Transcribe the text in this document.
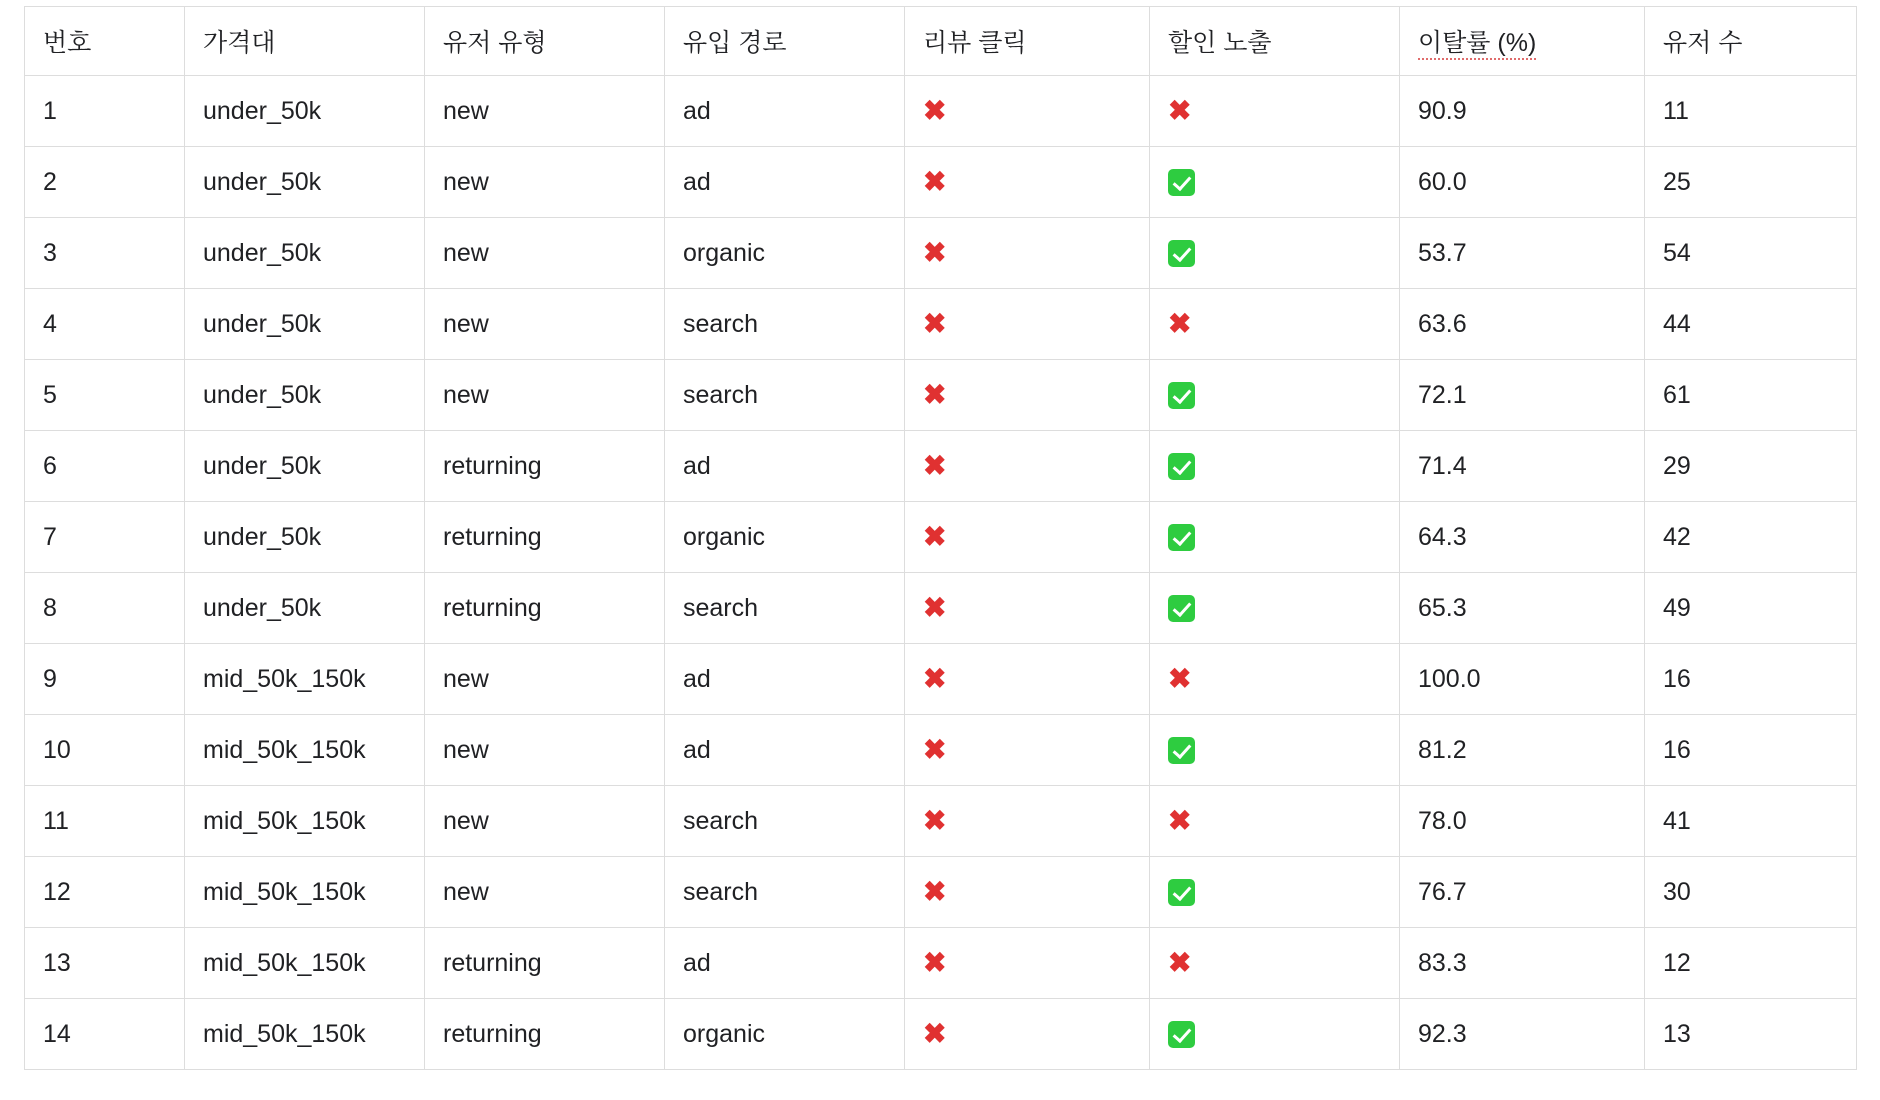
번호	가격대	유저 유형	유입 경로	리뷰 클릭	할인 노출	이탈률 (%)	유저 수
1	under_50k	new	ad	✖	✖	90.9	11
2	under_50k	new	ad	✖		60.0	25
3	under_50k	new	organic	✖		53.7	54
4	under_50k	new	search	✖	✖	63.6	44
5	under_50k	new	search	✖		72.1	61
6	under_50k	returning	ad	✖		71.4	29
7	under_50k	returning	organic	✖		64.3	42
8	under_50k	returning	search	✖		65.3	49
9	mid_50k_150k	new	ad	✖	✖	100.0	16
10	mid_50k_150k	new	ad	✖		81.2	16
11	mid_50k_150k	new	search	✖	✖	78.0	41
12	mid_50k_150k	new	search	✖		76.7	30
13	mid_50k_150k	returning	ad	✖	✖	83.3	12
14	mid_50k_150k	returning	organic	✖		92.3	13
